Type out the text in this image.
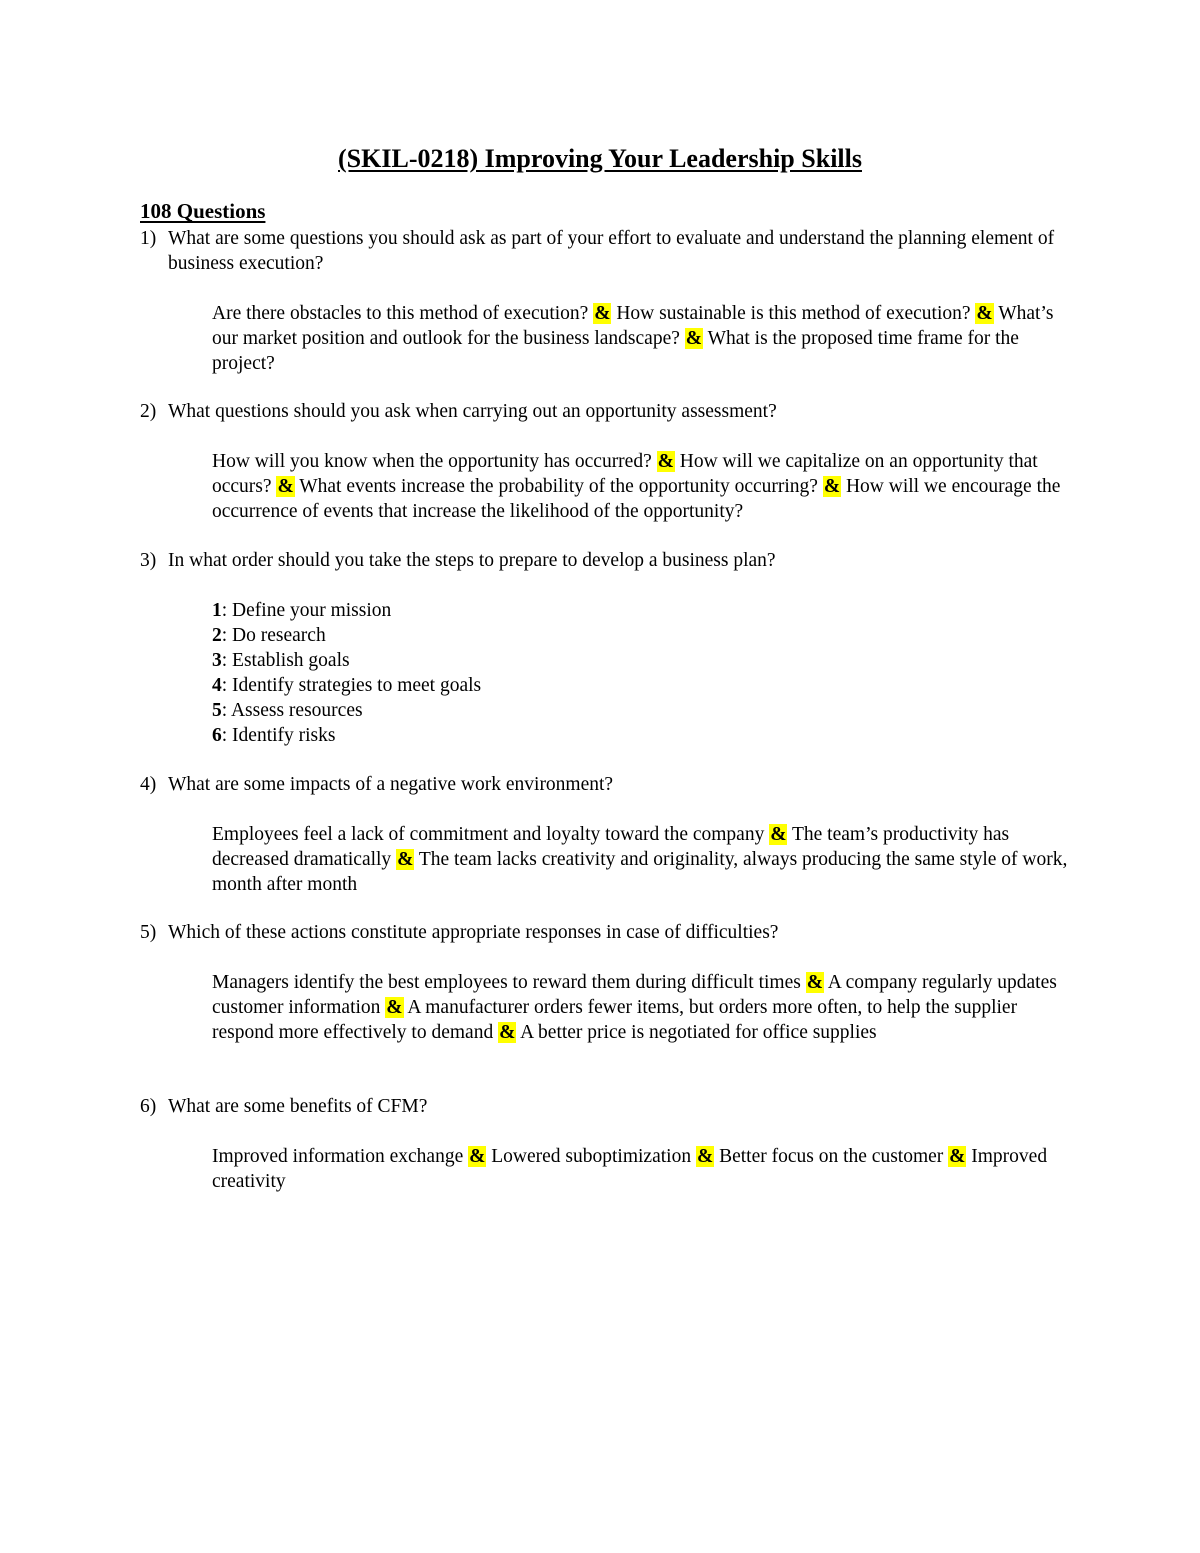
(SKIL-0218) Improving Your Leadership Skills
108 Questions
1) What are some questions you should ask as part of your effort to evaluate and understand the planning element of business execution?
Are there obstacles to this method of execution? & How sustainable is this method of execution? & What’s our market position and outlook for the business landscape? & What is the proposed time frame for the project?
2) What questions should you ask when carrying out an opportunity assessment?
How will you know when the opportunity has occurred? & How will we capitalize on an opportunity that occurs? & What events increase the probability of the opportunity occurring? & How will we encourage the occurrence of events that increase the likelihood of the opportunity?
3) In what order should you take the steps to prepare to develop a business plan?
1: Define your mission
2: Do research
3: Establish goals
4: Identify strategies to meet goals
5: Assess resources
6: Identify risks
4) What are some impacts of a negative work environment?
Employees feel a lack of commitment and loyalty toward the company & The team’s productivity has decreased dramatically & The team lacks creativity and originality, always producing the same style of work, month after month
5) Which of these actions constitute appropriate responses in case of difficulties?
Managers identify the best employees to reward them during difficult times & A company regularly updates customer information & A manufacturer orders fewer items, but orders more often, to help the supplier respond more effectively to demand & A better price is negotiated for office supplies
6) What are some benefits of CFM?
Improved information exchange & Lowered suboptimization & Better focus on the customer & Improved creativity
